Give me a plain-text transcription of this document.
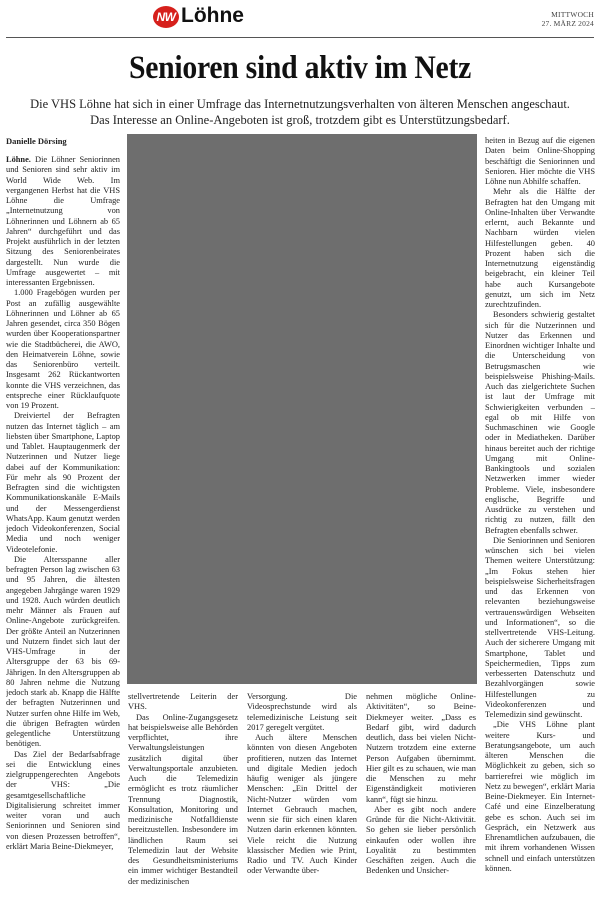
NW Löhne	MITTWOCH
27. MÄRZ 2024
Senioren sind aktiv im Netz
Die VHS Löhne hat sich in einer Umfrage das Internetnutzungsverhalten von älteren Menschen angeschaut. Das Interesse an Online-Angeboten ist groß, trotzdem gibt es Unterstützungsbedarf.
Danielle Dörsing

Löhne. Die Löhner Seniorinnen und Senioren sind sehr aktiv im World Wide Web. Im vergangenen Herbst hat die VHS Löhne die Umfrage „Internetnutzung von Löhnerinnen und Löhnern ab 65 Jahren“ durchgeführt und das Projekt ausführlich in der letzten Sitzung des Seniorenbeirates dargestellt. Nun wurde die Umfrage ausgewertet – mit interessanten Ergebnissen.

1.000 Fragebögen wurden per Post an zufällig ausgewählte Löhnerinnen und Löhner ab 65 Jahren gesendet, circa 350 Bögen wurden über Kooperationspartner wie die Stadtbücherei, die AWO, den Heimatverein Löhne, sowie das Seniorenbüro verteilt. Insgesamt 262 Rückantworten konnte die VHS verzeichnen, das entspreche einer Rücklaufquote von 19 Prozent.

Dreiviertel der Befragten nutzen das Internet täglich – am liebsten über Smartphone, Laptop und Tablet. Hauptaugenmerk der Nutzerinnen und Nutzer liege dabei auf der Kommunikation: Für mehr als 90 Prozent der Befragten sind die wichtigsten Kommunikationskanäle E-Mails und der Messengerdienst WhatsApp. Kaum genutzt werden jedoch Videokonferenzen, Social Media und noch weniger Videotelefonie.

Die Altersspanne aller befragten Person lag zwischen 63 und 95 Jahren, die ältesten angegeben Jahrgänge waren 1929 und 1928. Auch würden deutlich mehr Männer als Frauen auf Online-Angebote zurückgreifen. Der größte Anteil an Nutzerinnen und Nutzern findet sich laut der VHS-Umfrage in der Altersgruppe der 63 bis 69-Jährigen. In den Altersgruppen ab 80 Jahren nehme die Nutzung jedoch stark ab. Knapp die Hälfte der befragten Nutzerinnen und Nutzer surfen ohne Hilfe im Web, die übrigen Befragten würden gelegentliche Unterstützung benötigen.

Das Ziel der Bedarfsabfrage sei die Entwicklung eines zielgruppengerechten Angebots der VHS: „Die gesamtgesellschaftliche Digitalisierung schreitet immer weiter voran und auch Seniorinnen und Senioren sind von diesen Prozessen betroffen“, erklärt Maria Beine-Diekmeyer,

stellvertretende Leiterin der VHS.

Das Online-Zugangsgesetz hat beispielsweise alle Behörden verpflichtet, ihre Verwaltungsleistungen zusätzlich digital über Verwaltungsportale anzubieten. Auch die Telemedizin ermöglicht es trotz räumlicher Trennung Diagnostik, Konsultation, Monitoring und medizinische Notfalldienste bereitzustellen. Insbesondere im ländlichen Raum sei Telemedizin laut der Website des Gesundheitsministeriums ein immer wichtiger Bestandteil der medizinischen

Versorgung. Die Videosprechstunde wird als telemedizinische Leistung seit 2017 geregelt vergütet.

Auch ältere Menschen könnten von diesen Angeboten profitieren, nutzen das Internet und digitale Medien jedoch häufig weniger als jüngere Menschen: „Ein Drittel der Nicht-Nutzer würden vom Internet Gebrauch machen, wenn sie für sich einen klaren Nutzen darin erkennen könnten. Viele reicht die Nutzung klassischer Medien wie Print, Radio und TV. Auch Kinder oder Verwandte über-

nehmen mögliche Online-Aktivitäten“, so Beine-Diekmeyer weiter. „Dass es Bedarf gibt, wird dadurch deutlich, dass bei vielen Nicht-Nutzern trotzdem eine externe Person Aufgaben übernimmt. Hier gilt es zu schauen, wie man die Menschen zu mehr Eigenständigkeit motivieren kann“, fügt sie hinzu.

Aber es gibt noch andere Gründe für die Nicht-Aktivität. So gehen sie lieber persönlich einkaufen oder wollen ihre Loyalität zu bestimmten Geschäften zeigen. Auch die Bedenken und Unsicher-

heiten in Bezug auf die eigenen Daten beim Online-Shopping beschäftigt die Seniorinnen und Senioren. Hier möchte die VHS Löhne nun Abhilfe schaffen.

Mehr als die Hälfte der Befragten hat den Umgang mit Online-Inhalten über Verwandte erlernt, auch Bekannte und Nachbarn würden vielen Hilfestellungen geben. 40 Prozent haben sich die Internetnutzung eigenständig beigebracht, ein kleiner Teil habe auch Kursangebote genutzt, um sich im Netz zurechtzufinden.

Besonders schwierig gestaltet sich für die Nutzerinnen und Nutzer das Erkennen und Einordnen wichtiger Inhalte und die Unterscheidung von Betrugsmaschen wie beispielsweise Phishing-Mails. Auch das zielgerichtete Suchen ist laut der Umfrage mit Schwierigkeiten verbunden – egal ob mit Hilfe von Suchmaschinen wie Google oder in Mediatheken. Darüber hinaus bereitet auch der richtige Umgang mit Online-Bankingtools und sozialen Netzwerken immer wieder Probleme. Viele, insbesondere englische, Begriffe und Ausdrücke zu verstehen und richtig zu nutzen, fällt den Befragten ebenfalls schwer.

Die Seniorinnen und Senioren wünschen sich bei vielen Themen weitere Unterstützung: „Im Fokus stehen hier beispielsweise Sicherheitsfragen und das Erkennen von relevanten beziehungsweise vertrauenswürdigen Webseiten und Informationen“, so die stellvertretende VHS-Leitung. Auch der sicherere Umgang mit Smartphone, Tablet und Speichermedien, Tipps zum verbesserten Datenschutz und Bezahlvorgängen sowie Hilfestellungen zu Videokonferenzen und Telemedizin sind gewünscht.

„Die VHS Löhne plant weitere Kurs- und Beratungsangebote, um auch älteren Menschen die Möglichkeit zu geben, sich so barrierefrei wie möglich im Netz zu bewegen“, erklärt Maria Beine-Diekmeyer. Ein Internet-Café und eine Einzelberatung gebe es schon. Auch sei im Gespräch, ein Netzwerk aus Ehrenamtlichen aufzubauen, die mit ihrem vorhandenen Wissen schnell und einfach unterstützen können.
